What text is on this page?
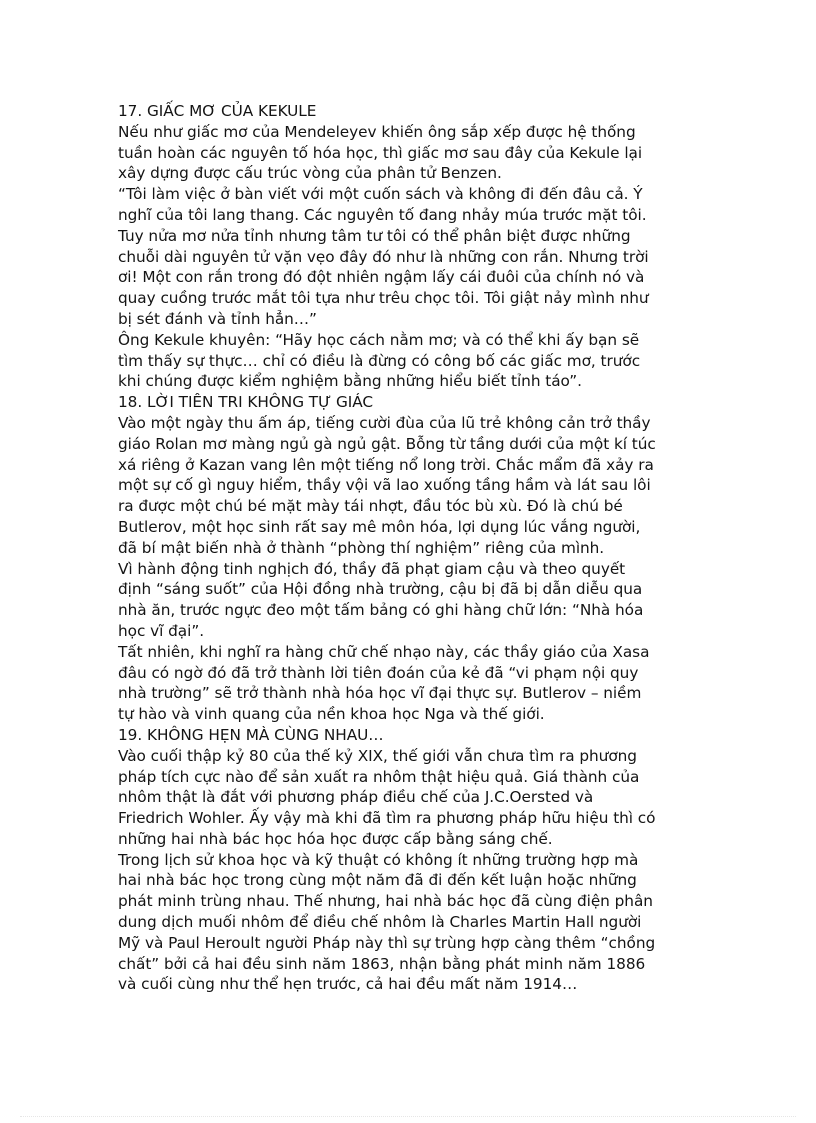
17. GIẤC MƠ CỦA KEKULE
Nếu như giấc mơ của Mendeleyev khiến ông sắp xếp được hệ thống
tuần hoàn các nguyên tố hóa học, thì giấc mơ sau đây của Kekule lại
xây dựng được cấu trúc vòng của phân tử Benzen.
“Tôi làm việc ở bàn viết với một cuốn sách và không đi đến đâu cả. Ý
nghĩ của tôi lang thang. Các nguyên tố đang nhảy múa trước mặt tôi.
Tuy nửa mơ nửa tỉnh nhưng tâm tư tôi có thể phân biệt được những
chuỗi dài nguyên tử vặn vẹo đây đó như là những con rắn. Nhưng trời
ơi! Một con rắn trong đó đột nhiên ngậm lấy cái đuôi của chính nó và
quay cuồng trước mắt tôi tựa như trêu chọc tôi. Tôi giật nảy mình như
bị sét đánh và tỉnh hẳn…”
Ông Kekule khuyên: “Hãy học cách nằm mơ; và có thể khi ấy bạn sẽ
tìm thấy sự thực… chỉ có điều là đừng có công bố các giấc mơ, trước
khi chúng được kiểm nghiệm bằng những hiểu biết tỉnh táo”.
18. LỜI TIÊN TRI KHÔNG TỰ GIÁC
Vào một ngày thu ấm áp, tiếng cười đùa của lũ trẻ không cản trở thầy
giáo Rolan mơ màng ngủ gà ngủ gật. Bỗng từ tầng dưới của một kí túc
xá riêng ở Kazan vang lên một tiếng nổ long trời. Chắc mẩm đã xảy ra
một sự cố gì nguy hiểm, thầy vội vã lao xuống tầng hầm và lát sau lôi
ra được một chú bé mặt mày tái nhợt, đầu tóc bù xù. Đó là chú bé
Butlerov, một học sinh rất say mê môn hóa, lợi dụng lúc vắng người,
đã bí mật biến nhà ở thành “phòng thí nghiệm” riêng của mình.
Vì hành động tinh nghịch đó, thầy đã phạt giam cậu và theo quyết
định “sáng suốt” của Hội đồng nhà trường, cậu bị đã bị dẫn diễu qua
nhà ăn, trước ngực đeo một tấm bảng có ghi hàng chữ lớn: “Nhà hóa
học vĩ đại”.
Tất nhiên, khi nghĩ ra hàng chữ chế nhạo này, các thầy giáo của Xasa
đâu có ngờ đó đã trở thành lời tiên đoán của kẻ đã “vi phạm nội quy
nhà trường” sẽ trở thành nhà hóa học vĩ đại thực sự. Butlerov – niềm
tự hào và vinh quang của nền khoa học Nga và thế giới.
19. KHÔNG HẸN MÀ CÙNG NHAU…
Vào cuối thập kỷ 80 của thế kỷ XIX, thế giới vẫn chưa tìm ra phương
pháp tích cực nào để sản xuất ra nhôm thật hiệu quả. Giá thành của
nhôm thật là đắt với phương pháp điều chế của J.C.Oersted và
Friedrich Wohler. Ấy vậy mà khi đã tìm ra phương pháp hữu hiệu thì có
những hai nhà bác học hóa học được cấp bằng sáng chế.
Trong lịch sử khoa học và kỹ thuật có không ít những trường hợp mà
hai nhà bác học trong cùng một năm đã đi đến kết luận hoặc những
phát minh trùng nhau. Thế nhưng, hai nhà bác học đã cùng điện phân
dung dịch muối nhôm để điều chế nhôm là Charles Martin Hall người
Mỹ và Paul Heroult người Pháp này thì sự trùng hợp càng thêm “chồng
chất” bởi cả hai đều sinh năm 1863, nhận bằng phát minh năm 1886
và cuối cùng như thể hẹn trước, cả hai đều mất năm 1914…
